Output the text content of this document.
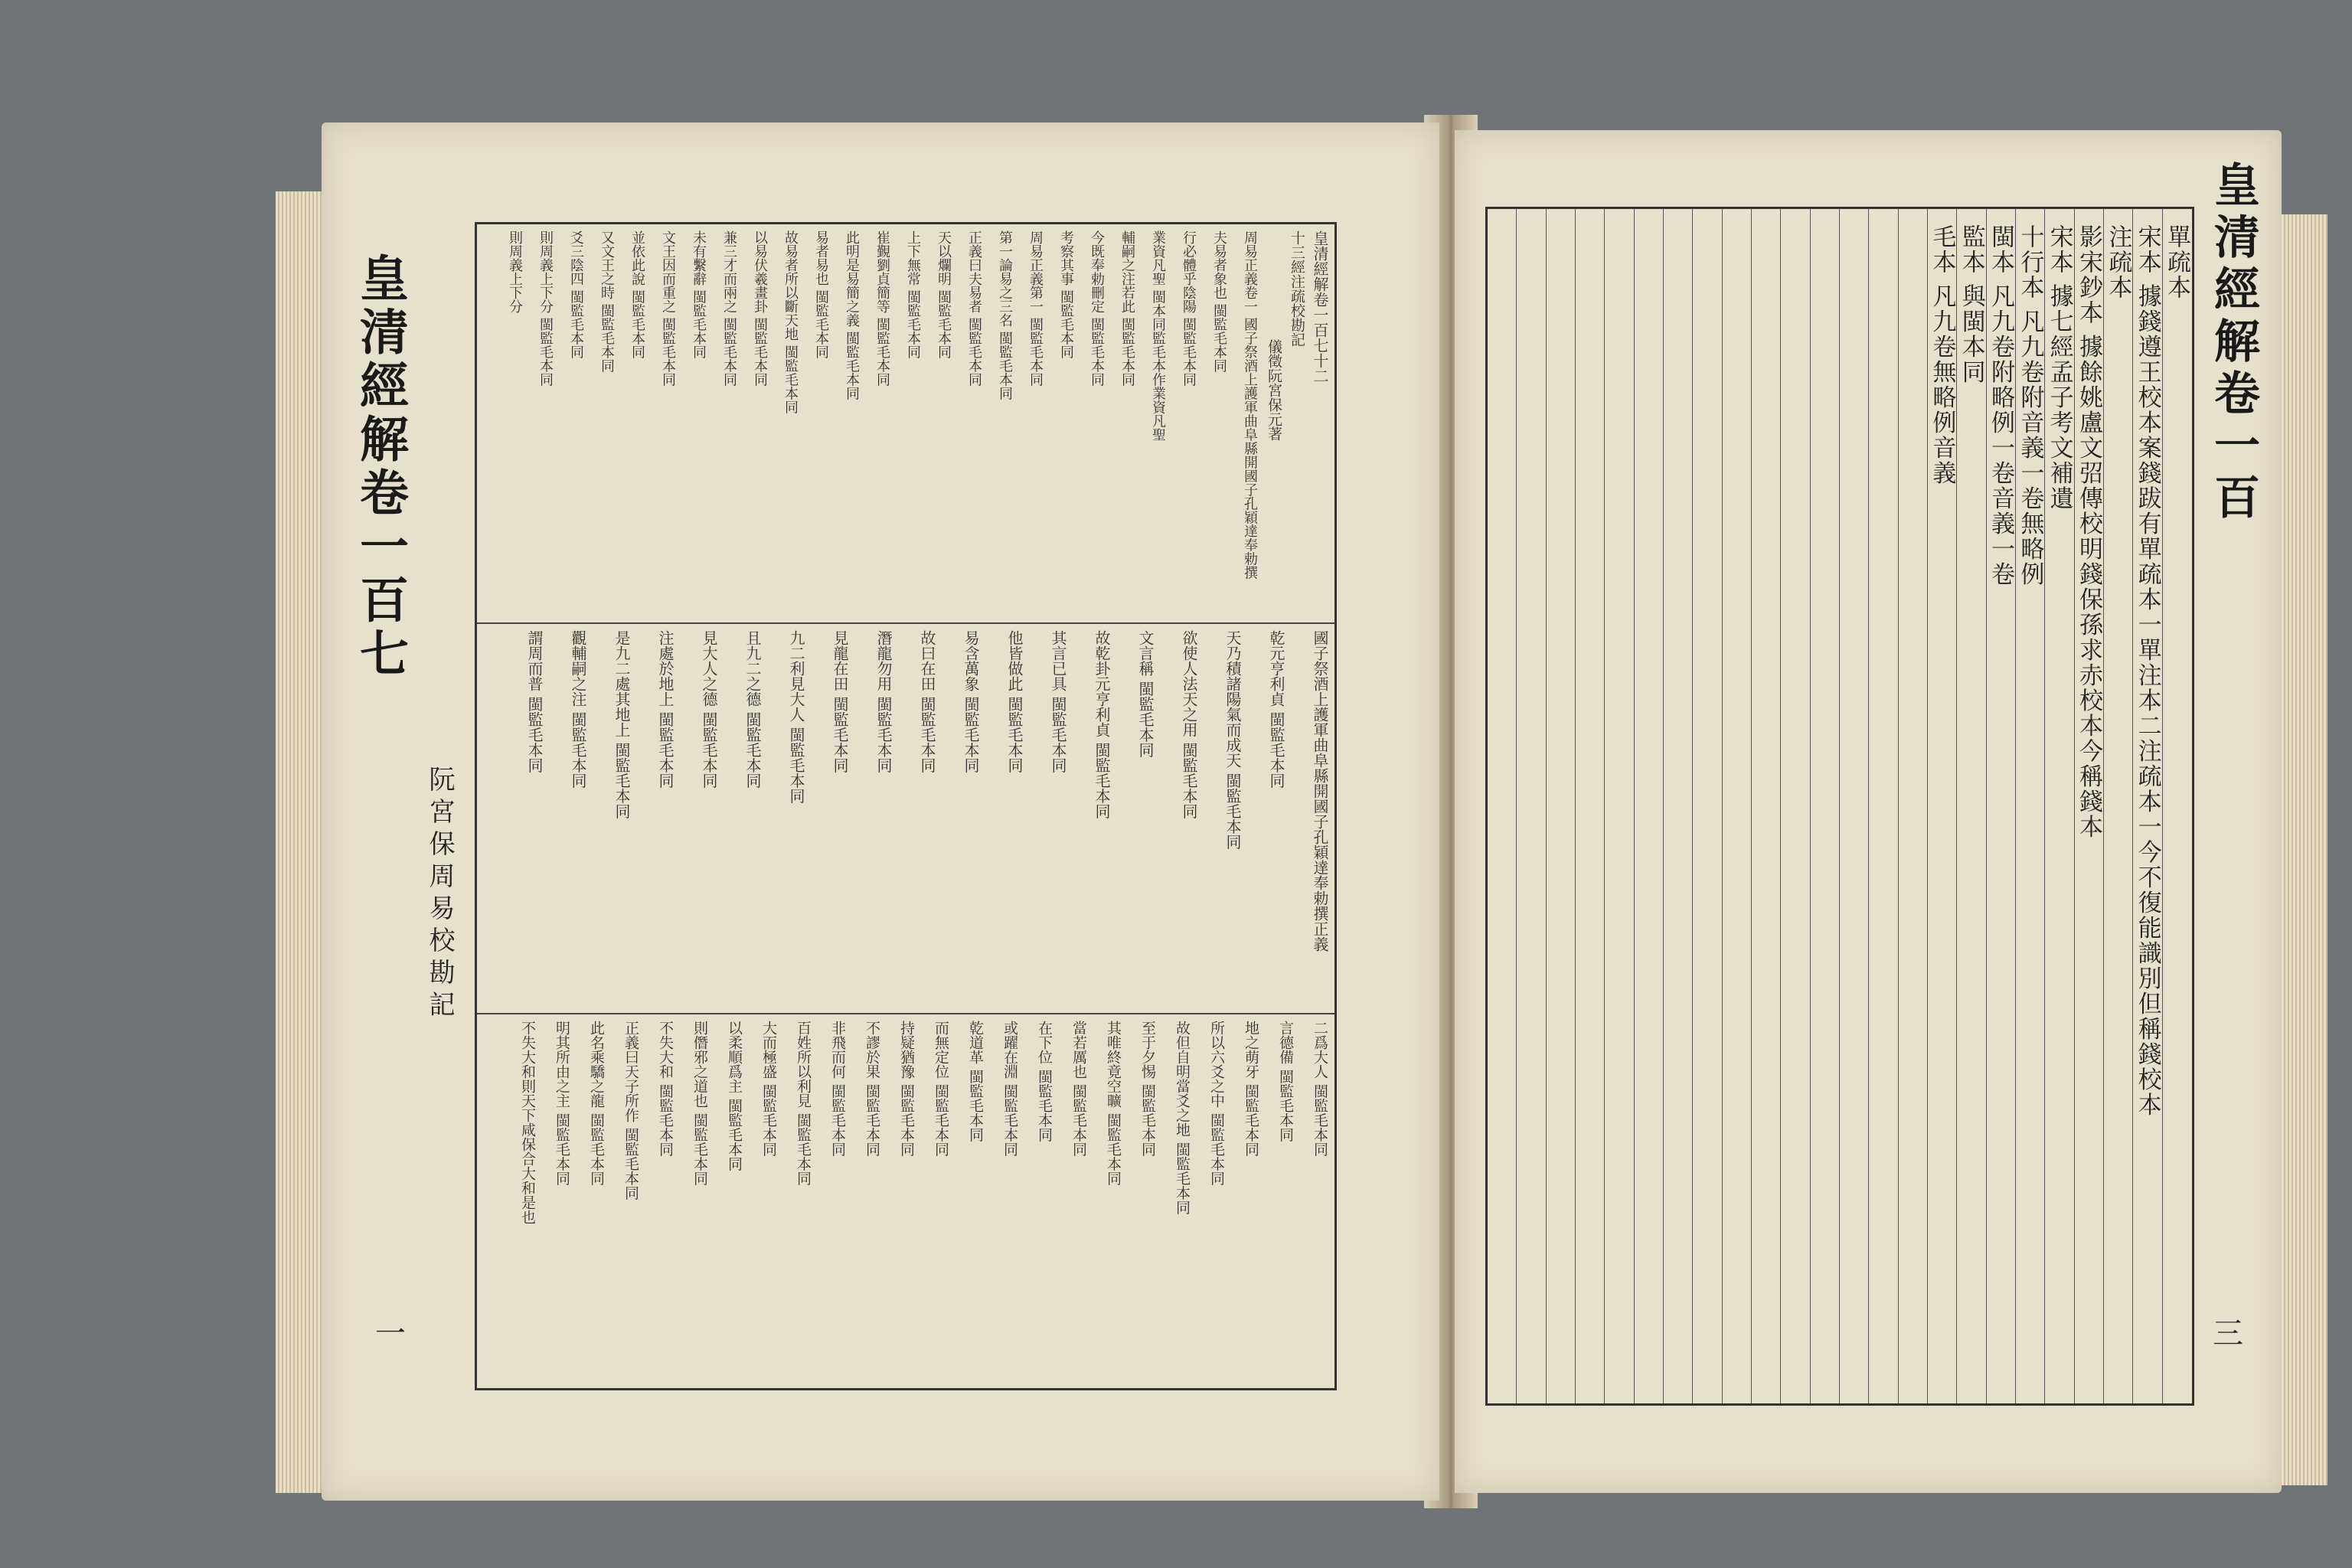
皇清經解卷一百七
阮宮保周易校勘記
一
皇清經解卷一百七十二
十三經注疏校勘記
儀徵阮宮保元著
周易正義卷一 國子祭酒上護軍曲阜縣開國子孔穎達奉勅撰
夫易者象也 閩監毛本同
行必體乎陰陽 閩監毛本同
業資凡聖 閩本同監毛本作業資凡聖
輔嗣之注若此 閩監毛本同
今既奉勅刪定 閩監毛本同
考察其事 閩監毛本同
周易正義第一 閩監毛本同
第一論易之三名 閩監毛本同
正義曰夫易者 閩監毛本同
天以爛明 閩監毛本同
上下無常 閩監毛本同
崔覲劉貞簡等 閩監毛本同
此明是易簡之義 閩監毛本同
易者易也 閩監毛本同
故易者所以斷天地 閩監毛本同
以易伏羲畫卦 閩監毛本同
兼三才而兩之 閩監毛本同
未有繫辭 閩監毛本同
文王因而重之 閩監毛本同
並依此說 閩監毛本同
又文王之時 閩監毛本同
爻三陰四 閩監毛本同
則周義上下分 閩監毛本同
則周義上下分
國子祭酒上護軍曲阜縣開國子孔穎達奉勅撰正義
乾元亨利貞 閩監毛本同
天乃積諸陽氣而成天 閩監毛本同
欲使人法天之用 閩監毛本同
文言稱 閩監毛本同
故乾卦元亨利貞 閩監毛本同
其言已具 閩監毛本同
他皆做此 閩監毛本同
易含萬象 閩監毛本同
故曰在田 閩監毛本同
潛龍勿用 閩監毛本同
見龍在田 閩監毛本同
九二利見大人 閩監毛本同
且九二之德 閩監毛本同
見大人之德 閩監毛本同
注處於地上 閩監毛本同
是九二處其地上 閩監毛本同
觀輔嗣之注 閩監毛本同
謂周而普 閩監毛本同
二爲大人 閩監毛本同
言德備 閩監毛本同
地之萌牙 閩監毛本同
所以六爻之中 閩監毛本同
故但自明當爻之地 閩監毛本同
至于夕惕 閩監毛本同
其唯終竟空曠 閩監毛本同
當若厲也 閩監毛本同
在下位 閩監毛本同
或躍在淵 閩監毛本同
乾道革 閩監毛本同
而無定位 閩監毛本同
持疑猶豫 閩監毛本同
不謬於果 閩監毛本同
非飛而何 閩監毛本同
百姓所以利見 閩監毛本同
大而極盛 閩監毛本同
以柔順爲主 閩監毛本同
則僭邪之道也 閩監毛本同
不失大和 閩監毛本同
正義曰天子所作 閩監毛本同
此名乘驕之龍 閩監毛本同
明其所由之主 閩監毛本同
不失大和則天下咸保合大和是也
皇清經解卷一百
三
單疏本
宋本 據錢遵王校本案錢跋有單疏本一單注本二注疏本一今不復能識別但稱錢校本
注疏本
影宋鈔本 據餘姚盧文弨傳校明錢保孫求赤校本今稱錢本
宋本 據七經孟子考文補遺
十行本 凡九卷附音義一卷無略例
閩本 凡九卷附略例一卷音義一卷
監本 與閩本同
毛本 凡九卷無略例音義
